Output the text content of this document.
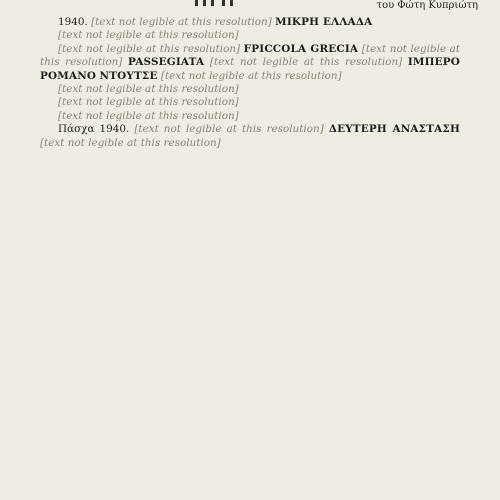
του Φώτη Κυπριώτη

1940. [text not legible at this resolution] ΜΙΚΡΗ ΕΛΛΑΔΑ

[text not legible at this resolution]

[text not legible at this resolution] FPICCOLA GRECIA [text not legible at this resolution] PASSEGIATA [text not legible at this resolution] ΙΜΠΕΡΟ ΡΟΜΑΝΟ ΝΤΟΥΤΣΕ [text not legible at this resolution]

[text not legible at this resolution]

[text not legible at this resolution]

[text not legible at this resolution]

Πάσχα 1940. [text not legible at this resolution] ΔΕΥΤΕΡΗ ΑΝΑΣΤΑΣΗ [text not legible at this resolution]
